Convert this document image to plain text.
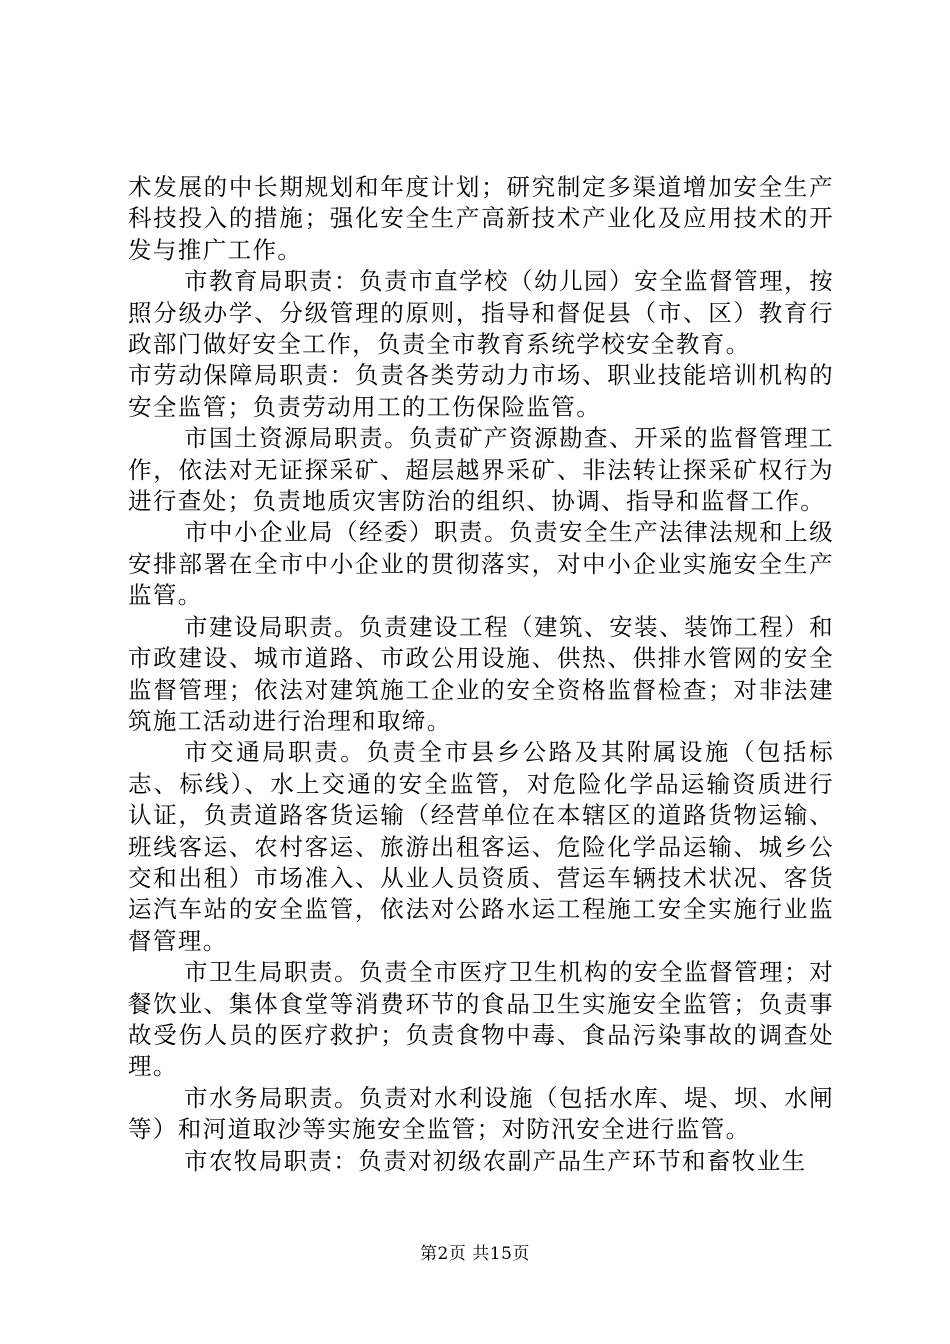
术发展的中长期规划和年度计划；研究制定多渠道增加安全生产科技投入的措施；强化安全生产高新技术产业化及应用技术的开发与推广工作。

市教育局职责：负责市直学校（幼儿园）安全监督管理，按照分级办学、分级管理的原则，指导和督促县（市、区）教育行政部门做好安全工作，负责全市教育系统学校安全教育。

市劳动保障局职责：负责各类劳动力市场、职业技能培训机构的安全监管；负责劳动用工的工伤保险监管。

市国土资源局职责。负责矿产资源勘查、开采的监督管理工作，依法对无证探采矿、超层越界采矿、非法转让探采矿权行为进行查处；负责地质灾害防治的组织、协调、指导和监督工作。

市中小企业局（经委）职责。负责安全生产法律法规和上级安排部署在全市中小企业的贯彻落实，对中小企业实施安全生产监管。

市建设局职责。负责建设工程（建筑、安装、装饰工程）和市政建设、城市道路、市政公用设施、供热、供排水管网的安全监督管理；依法对建筑施工企业的安全资格监督检查；对非法建筑施工活动进行治理和取缔。

市交通局职责。负责全市县乡公路及其附属设施（包括标志、标线）、水上交通的安全监管，对危险化学品运输资质进行认证，负责道路客货运输（经营单位在本辖区的道路货物运输、班线客运、农村客运、旅游出租客运、危险化学品运输、城乡公交和出租）市场准入、从业人员资质、营运车辆技术状况、客货运汽车站的安全监管，依法对公路水运工程施工安全实施行业监督管理。

市卫生局职责。负责全市医疗卫生机构的安全监督管理；对餐饮业、集体食堂等消费环节的食品卫生实施安全监管；负责事故受伤人员的医疗救护；负责食物中毒、食品污染事故的调查处理。

市水务局职责。负责对水利设施（包括水库、堤、坝、水闸等）和河道取沙等实施安全监管；对防汛安全进行监管。

市农牧局职责：负责对初级农副产品生产环节和畜牧业生

第2页 共15页
